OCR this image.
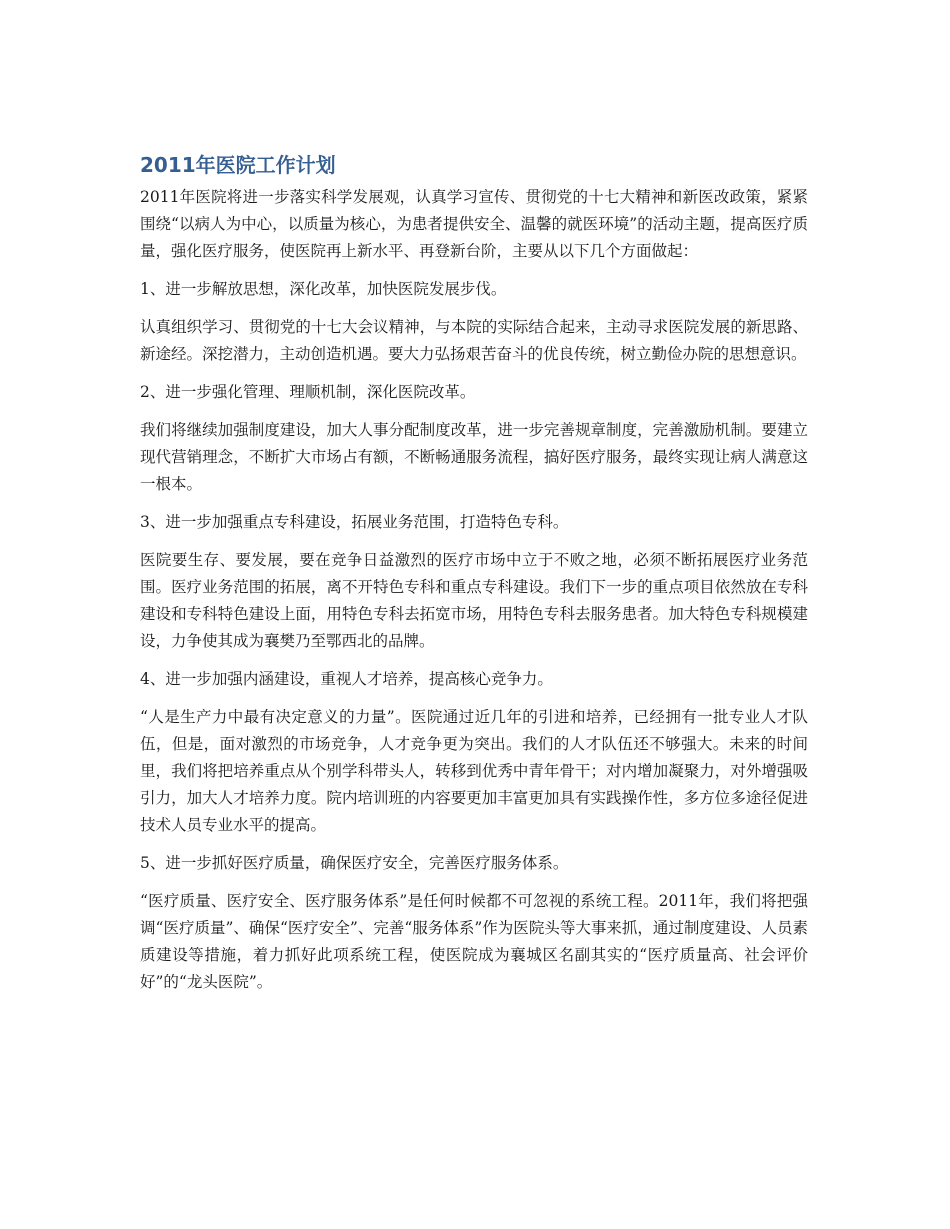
2011年医院工作计划

2011年医院将进一步落实科学发展观，认真学习宣传、贯彻党的十七大精神和新医改政策，紧紧围绕“以病人为中心，以质量为核心，为患者提供安全、温馨的就医环境”的活动主题，提高医疗质量，强化医疗服务，使医院再上新水平、再登新台阶，主要从以下几个方面做起：

1、进一步解放思想，深化改革，加快医院发展步伐。

认真组织学习、贯彻党的十七大会议精神，与本院的实际结合起来，主动寻求医院发展的新思路、新途经。深挖潜力，主动创造机遇。要大力弘扬艰苦奋斗的优良传统，树立勤俭办院的思想意识。

2、进一步强化管理、理顺机制，深化医院改革。

我们将继续加强制度建设，加大人事分配制度改革，进一步完善规章制度，完善激励机制。要建立现代营销理念，不断扩大市场占有额，不断畅通服务流程，搞好医疗服务，最终实现让病人满意这一根本。

3、进一步加强重点专科建设，拓展业务范围，打造特色专科。

医院要生存、要发展，要在竞争日益激烈的医疗市场中立于不败之地，必须不断拓展医疗业务范围。医疗业务范围的拓展，离不开特色专科和重点专科建设。我们下一步的重点项目依然放在专科建设和专科特色建设上面，用特色专科去拓宽市场，用特色专科去服务患者。加大特色专科规模建设，力争使其成为襄樊乃至鄂西北的品牌。

4、进一步加强内涵建设，重视人才培养，提高核心竞争力。

“人是生产力中最有决定意义的力量”。医院通过近几年的引进和培养，已经拥有一批专业人才队伍，但是，面对激烈的市场竞争，人才竞争更为突出。我们的人才队伍还不够强大。未来的时间里，我们将把培养重点从个别学科带头人，转移到优秀中青年骨干；对内增加凝聚力，对外增强吸引力，加大人才培养力度。院内培训班的内容要更加丰富更加具有实践操作性，多方位多途径促进技术人员专业水平的提高。

5、进一步抓好医疗质量，确保医疗安全，完善医疗服务体系。

“医疗质量、医疗安全、医疗服务体系”是任何时候都不可忽视的系统工程。2011年，我们将把强调“医疗质量”、确保“医疗安全”、完善“服务体系”作为医院头等大事来抓，通过制度建设、人员素质建设等措施，着力抓好此项系统工程，使医院成为襄城区名副其实的“医疗质量高、社会评价好”的“龙头医院”。
